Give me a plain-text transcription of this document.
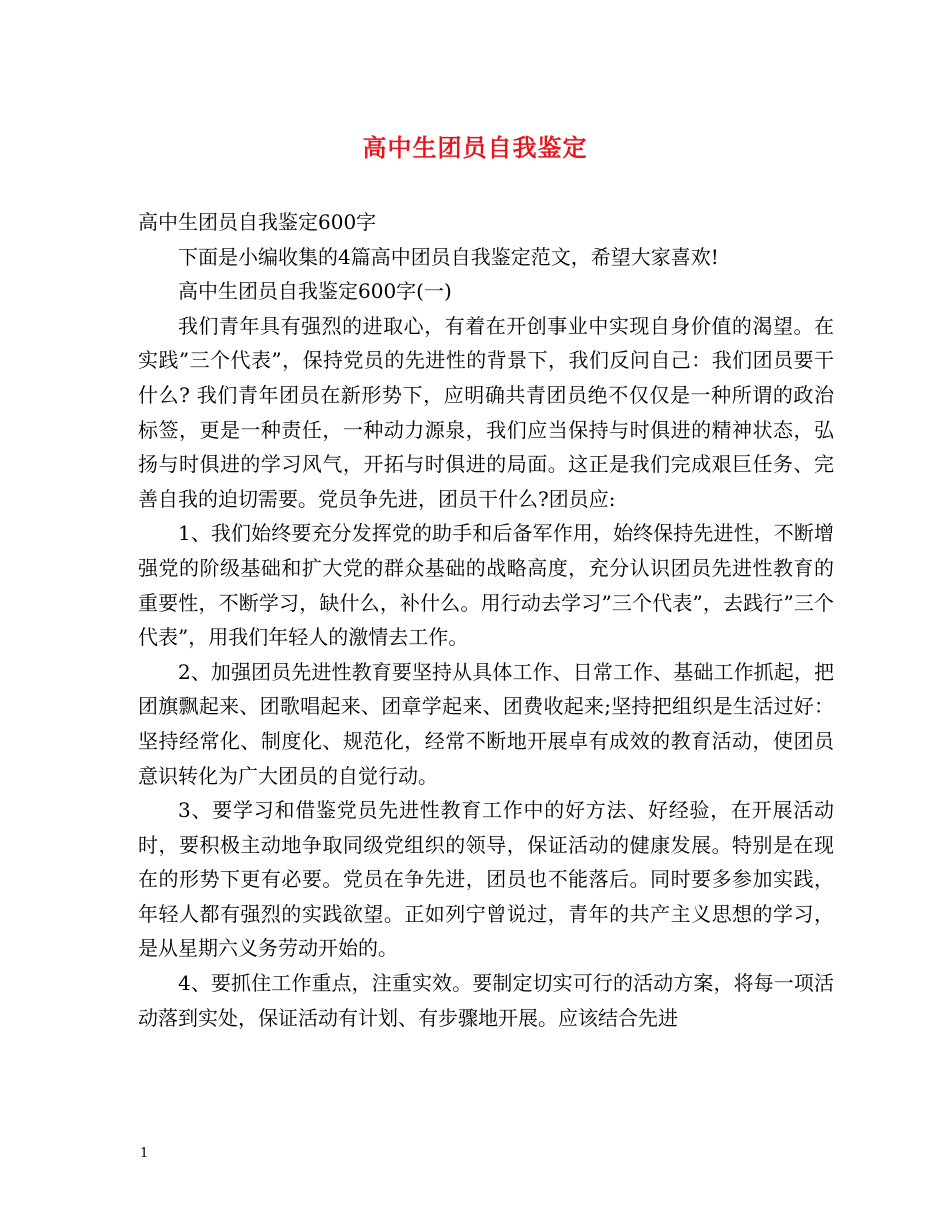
高中生团员自我鉴定

高中生团员自我鉴定600字

下面是小编收集的4篇高中团员自我鉴定范文，希望大家喜欢!

高中生团员自我鉴定600字(一)

我们青年具有强烈的进取心，有着在开创事业中实现自身价值的渴望。在实践”三个代表”，保持党员的先进性的背景下，我们反问自己：我们团员要干什么? 我们青年团员在新形势下，应明确共青团员绝不仅仅是一种所谓的政治标签，更是一种责任，一种动力源泉，我们应当保持与时俱进的精神状态，弘扬与时俱进的学习风气，开拓与时俱进的局面。这正是我们完成艰巨任务、完善自我的迫切需要。党员争先进，团员干什么?团员应:

1、我们始终要充分发挥党的助手和后备军作用，始终保持先进性，不断增强党的阶级基础和扩大党的群众基础的战略高度，充分认识团员先进性教育的重要性，不断学习，缺什么，补什么。用行动去学习”三个代表”，去践行”三个代表”，用我们年轻人的激情去工作。

2、加强团员先进性教育要坚持从具体工作、日常工作、基础工作抓起，把团旗飘起来、团歌唱起来、团章学起来、团费收起来;坚持把组织是生活过好：坚持经常化、制度化、规范化，经常不断地开展卓有成效的教育活动，使团员意识转化为广大团员的自觉行动。

3、要学习和借鉴党员先进性教育工作中的好方法、好经验，在开展活动时，要积极主动地争取同级党组织的领导，保证活动的健康发展。特别是在现在的形势下更有必要。党员在争先进，团员也不能落后。同时要多参加实践，年轻人都有强烈的实践欲望。正如列宁曾说过，青年的共产主义思想的学习，是从星期六义务劳动开始的。

4、要抓住工作重点，注重实效。要制定切实可行的活动方案，将每一项活动落到实处，保证活动有计划、有步骤地开展。应该结合先进

1
